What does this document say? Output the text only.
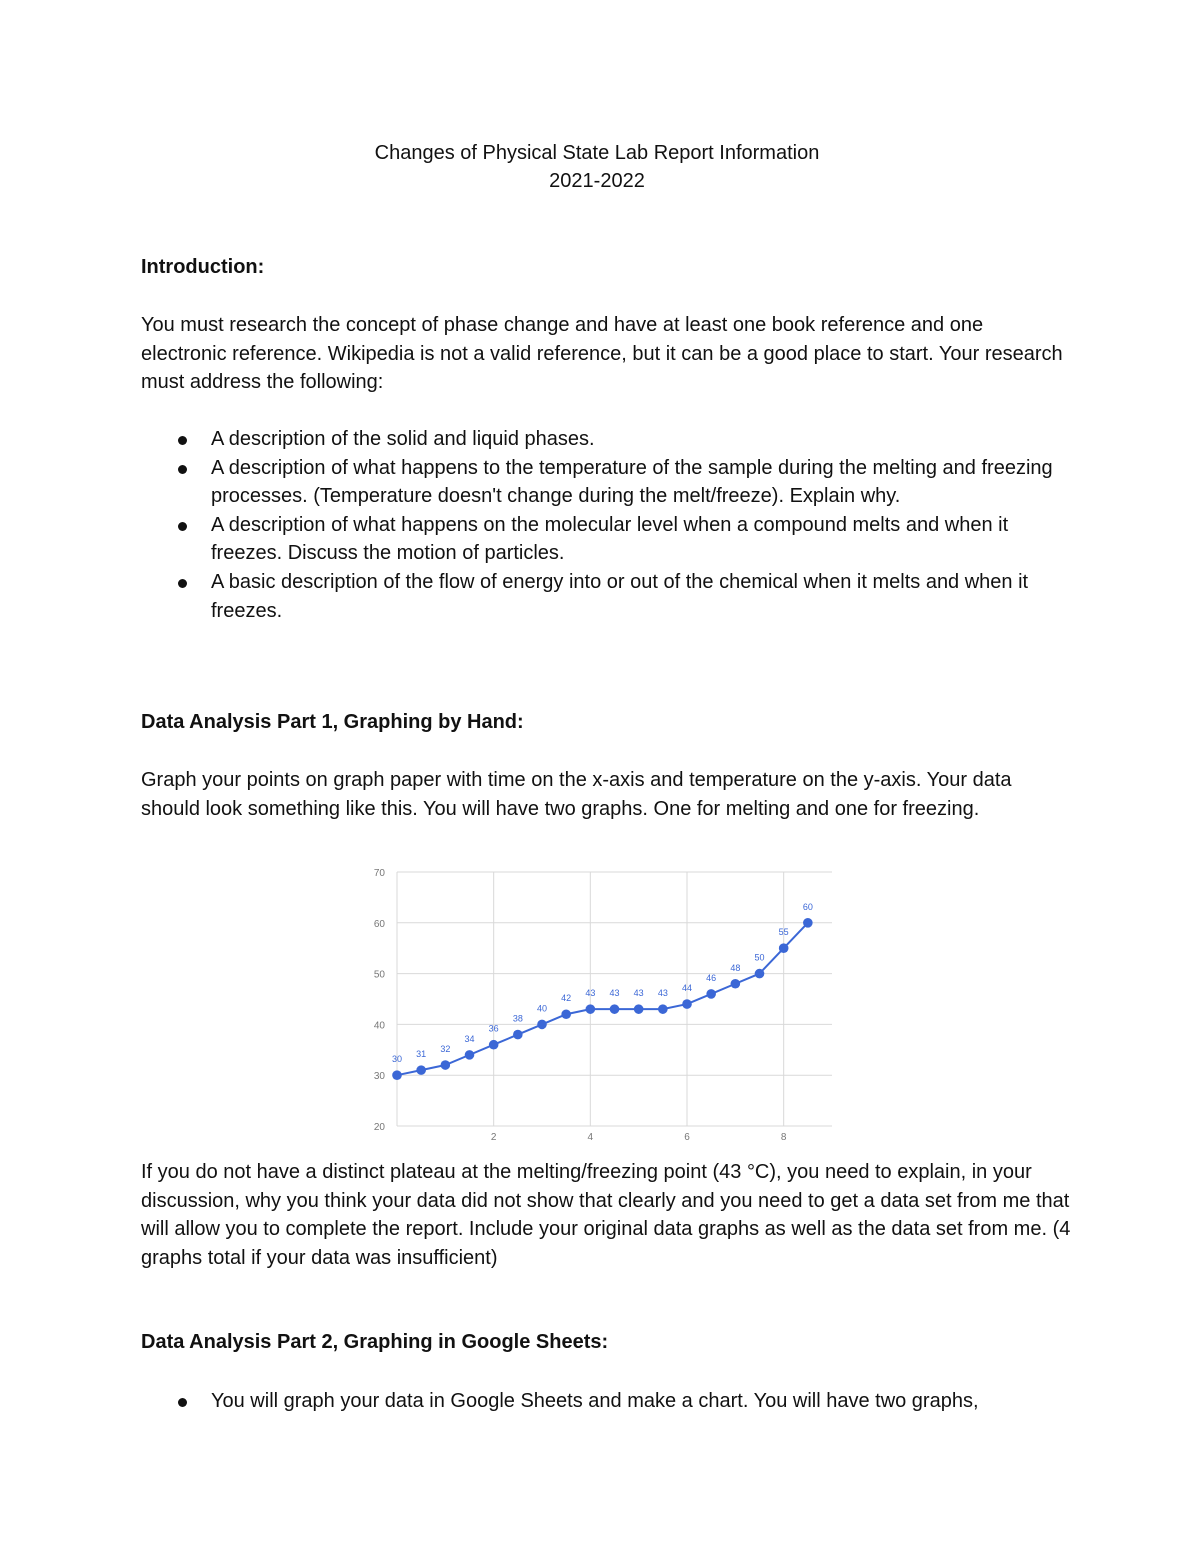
Changes of Physical State Lab Report Information
2021-2022
Introduction:
You must research the concept of phase change and have at least one book reference and one electronic reference. Wikipedia is not a valid reference, but it can be a good place to start. Your research must address the following:
A description of the solid and liquid phases.
A description of what happens to the temperature of the sample during the melting and freezing processes. (Temperature doesn't change during the melt/freeze). Explain why.
A description of what happens on the molecular level when a compound melts and when it freezes. Discuss the motion of particles.
A basic description of the flow of energy into or out of the chemical when it melts and when it freezes.
Data Analysis Part 1, Graphing by Hand:
Graph your points on graph paper with time on the x-axis and temperature on the y-axis. Your data should look something like this. You will have two graphs. One for melting and one for freezing.
20
30
40
50
60
70
2	4	6	8
30
31
32
34
36
38
40
42
43 43 43 43
44
46
48
50
55
60
If you do not have a distinct plateau at the melting/freezing point (43 °C), you need to explain, in your discussion, why you think your data did not show that clearly and you need to get a data set from me that will allow you to complete the report. Include your original data graphs as well as the data set from me. (4 graphs total if your data was insufficient)
Data Analysis Part 2, Graphing in Google Sheets:
You will graph your data in Google Sheets and make a chart. You will have two graphs,
